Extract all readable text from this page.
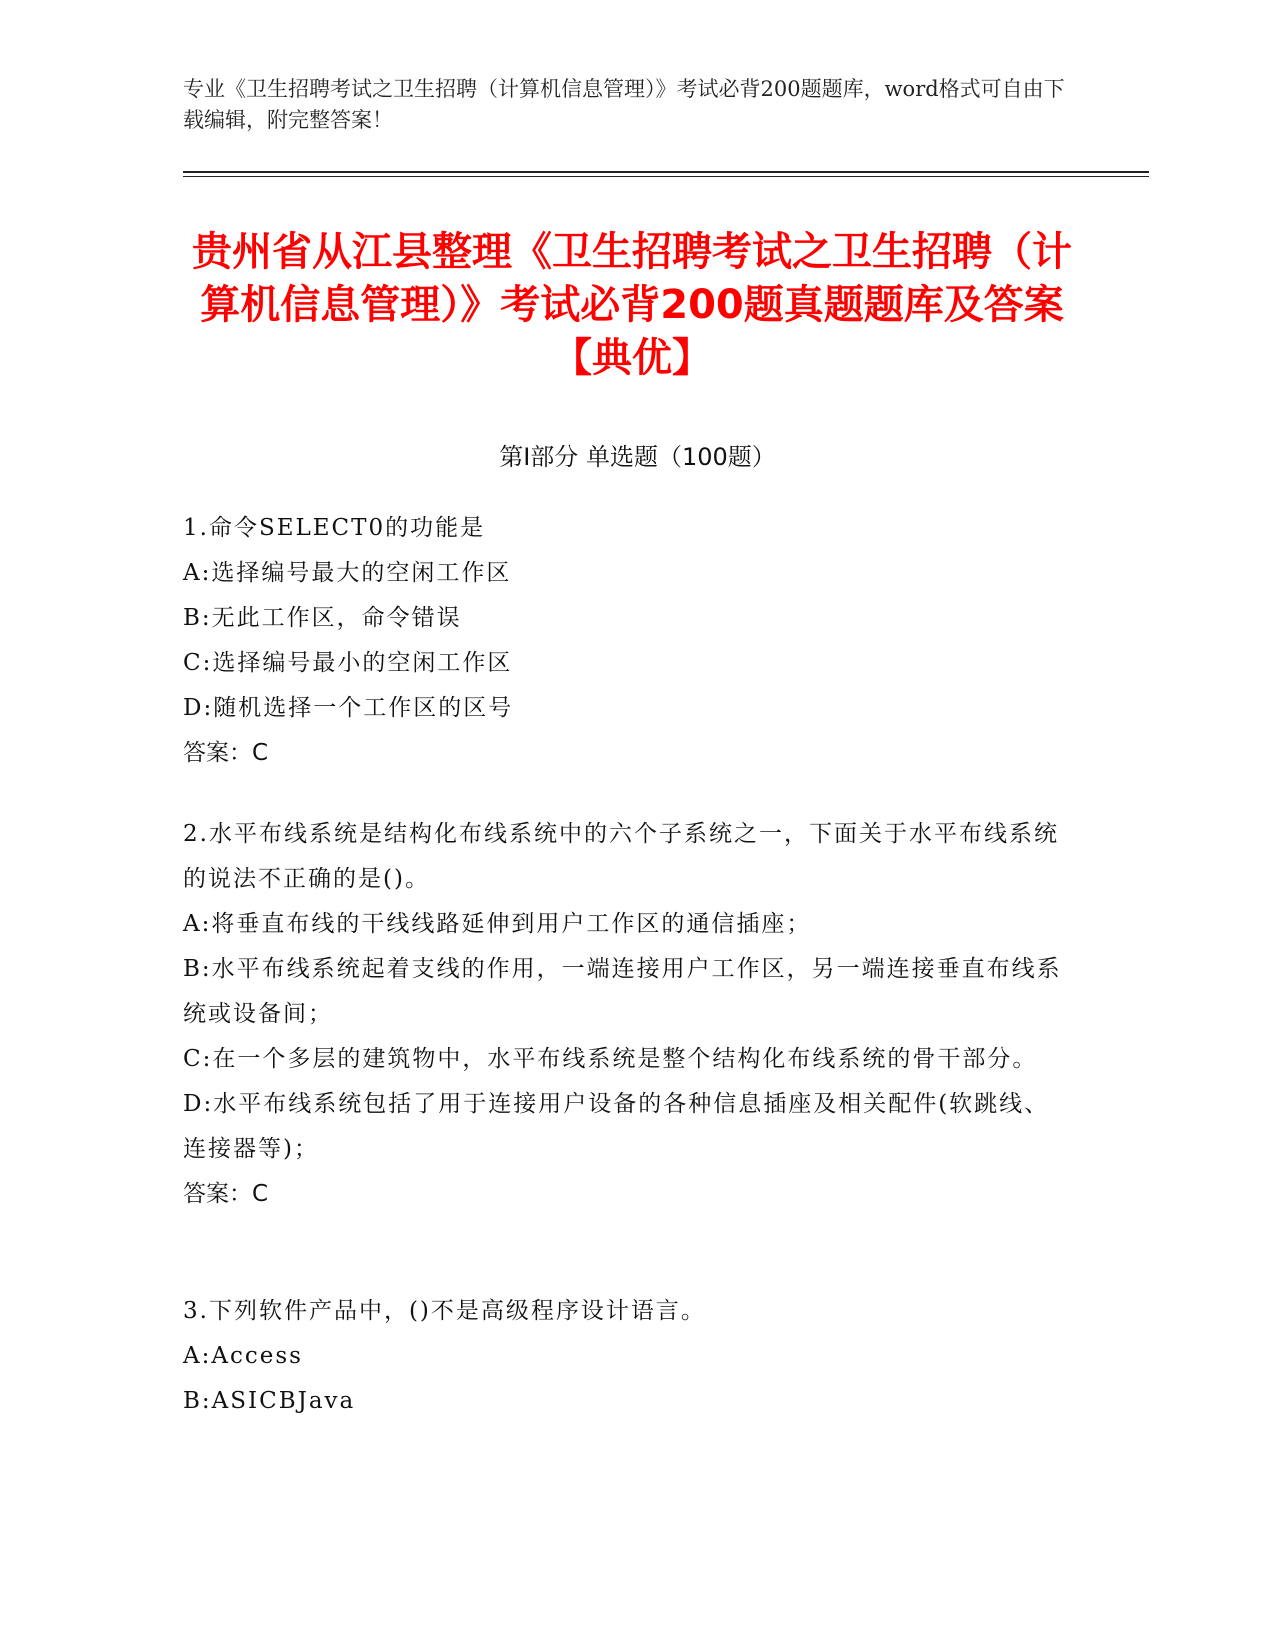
专业《卫生招聘考试之卫生招聘（计算机信息管理）》考试必背200题题库，word格式可自由下载编辑，附完整答案！
贵州省从江县整理《卫生招聘考试之卫生招聘（计算机信息管理）》考试必背200题真题题库及答案【典优】
第Ⅰ部分 单选题（100题）
1.命令SELECT0的功能是
A:选择编号最大的空闲工作区
B:无此工作区，命令错误
C:选择编号最小的空闲工作区
D:随机选择一个工作区的区号
答案：C
2.水平布线系统是结构化布线系统中的六个子系统之一，下面关于水平布线系统的说法不正确的是()。
A:将垂直布线的干线线路延伸到用户工作区的通信插座；
B:水平布线系统起着支线的作用，一端连接用户工作区，另一端连接垂直布线系统或设备间；
C:在一个多层的建筑物中，水平布线系统是整个结构化布线系统的骨干部分。
D:水平布线系统包括了用于连接用户设备的各种信息插座及相关配件(软跳线、连接器等)；
答案：C
3.下列软件产品中，()不是高级程序设计语言。
A:Access
B:ASICBJava
